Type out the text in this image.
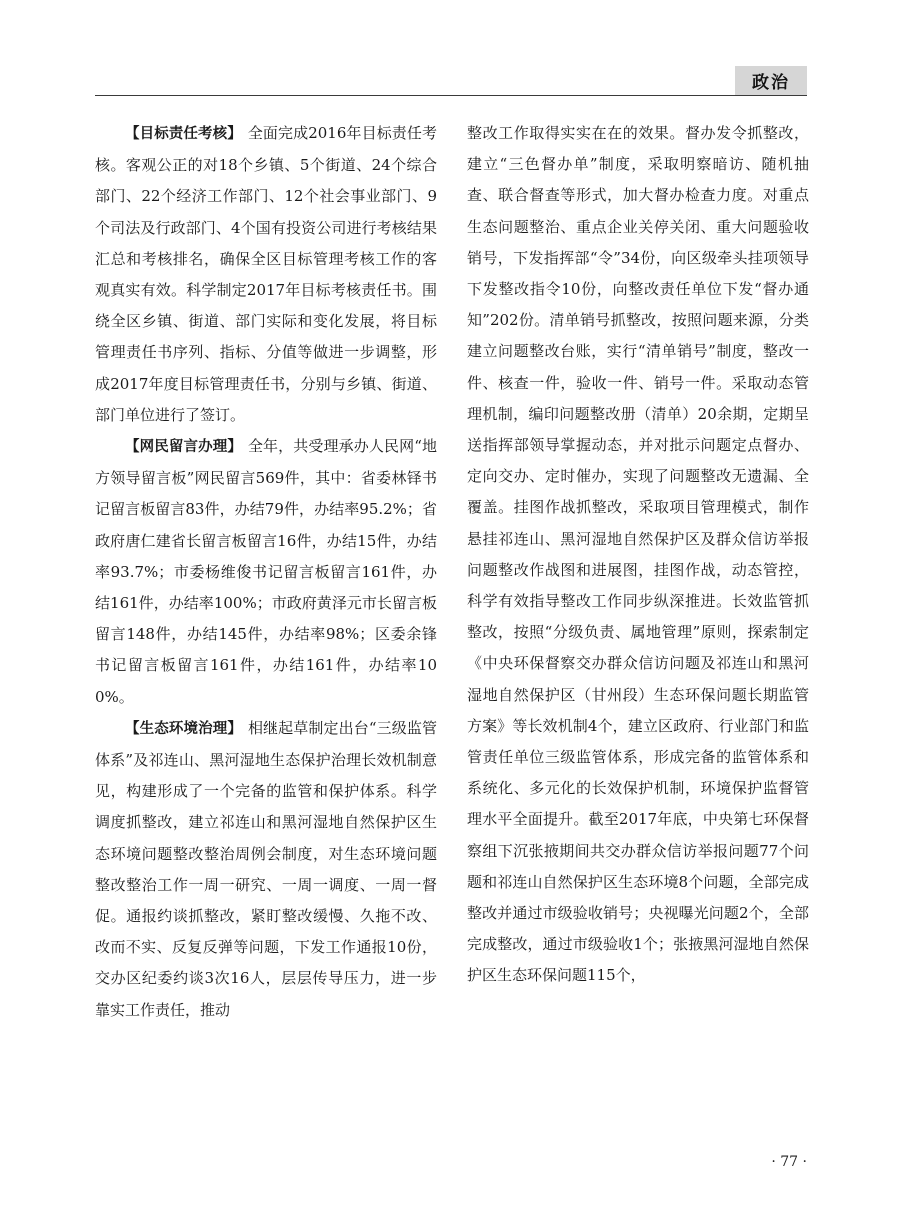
政治

【目标责任考核】 全面完成2016年目标责任考核。客观公正的对18个乡镇、5个街道、24个综合部门、22个经济工作部门、12个社会事业部门、9个司法及行政部门、4个国有投资公司进行考核结果汇总和考核排名，确保全区目标管理考核工作的客观真实有效。科学制定2017年目标考核责任书。围绕全区乡镇、街道、部门实际和变化发展，将目标管理责任书序列、指标、分值等做进一步调整，形成2017年度目标管理责任书，分别与乡镇、街道、部门单位进行了签订。

【网民留言办理】 全年，共受理承办人民网“地方领导留言板”网民留言569件，其中：省委林铎书记留言板留言83件，办结79件，办结率95.2%；省政府唐仁建省长留言板留言16件，办结15件，办结率93.7%；市委杨维俊书记留言板留言161件，办结161件，办结率100%；市政府黄泽元市长留言板留言148件，办结145件，办结率98%；区委余锋书记留言板留言161件，办结161件，办结率100%。

【生态环境治理】 相继起草制定出台“三级监管体系”及祁连山、黑河湿地生态保护治理长效机制意见，构建形成了一个完备的监管和保护体系。科学调度抓整改，建立祁连山和黑河湿地自然保护区生态环境问题整改整治周例会制度，对生态环境问题整改整治工作一周一研究、一周一调度、一周一督促。通报约谈抓整改，紧盯整改缓慢、久拖不改、改而不实、反复反弹等问题，下发工作通报10份，交办区纪委约谈3次16人，层层传导压力，进一步靠实工作责任，推动

整改工作取得实实在在的效果。督办发令抓整改，建立“三色督办单”制度，采取明察暗访、随机抽查、联合督查等形式，加大督办检查力度。对重点生态问题整治、重点企业关停关闭、重大问题验收销号，下发指挥部“令”34份，向区级牵头挂项领导下发整改指令10份，向整改责任单位下发“督办通知”202份。清单销号抓整改，按照问题来源，分类建立问题整改台账，实行“清单销号”制度，整改一件、核查一件，验收一件、销号一件。采取动态管理机制，编印问题整改册（清单）20余期，定期呈送指挥部领导掌握动态，并对批示问题定点督办、定向交办、定时催办，实现了问题整改无遗漏、全覆盖。挂图作战抓整改，采取项目管理模式，制作悬挂祁连山、黑河湿地自然保护区及群众信访举报问题整改作战图和进展图，挂图作战，动态管控，科学有效指导整改工作同步纵深推进。长效监管抓整改，按照“分级负责、属地管理”原则，探索制定《中央环保督察交办群众信访问题及祁连山和黑河湿地自然保护区（甘州段）生态环保问题长期监管方案》等长效机制4个，建立区政府、行业部门和监管责任单位三级监管体系，形成完备的监管体系和系统化、多元化的长效保护机制，环境保护监督管理水平全面提升。截至2017年底，中央第七环保督察组下沉张掖期间共交办群众信访举报问题77个问题和祁连山自然保护区生态环境8个问题，全部完成整改并通过市级验收销号；央视曝光问题2个，全部完成整改，通过市级验收1个；张掖黑河湿地自然保护区生态环保问题115个，

· 77 ·
